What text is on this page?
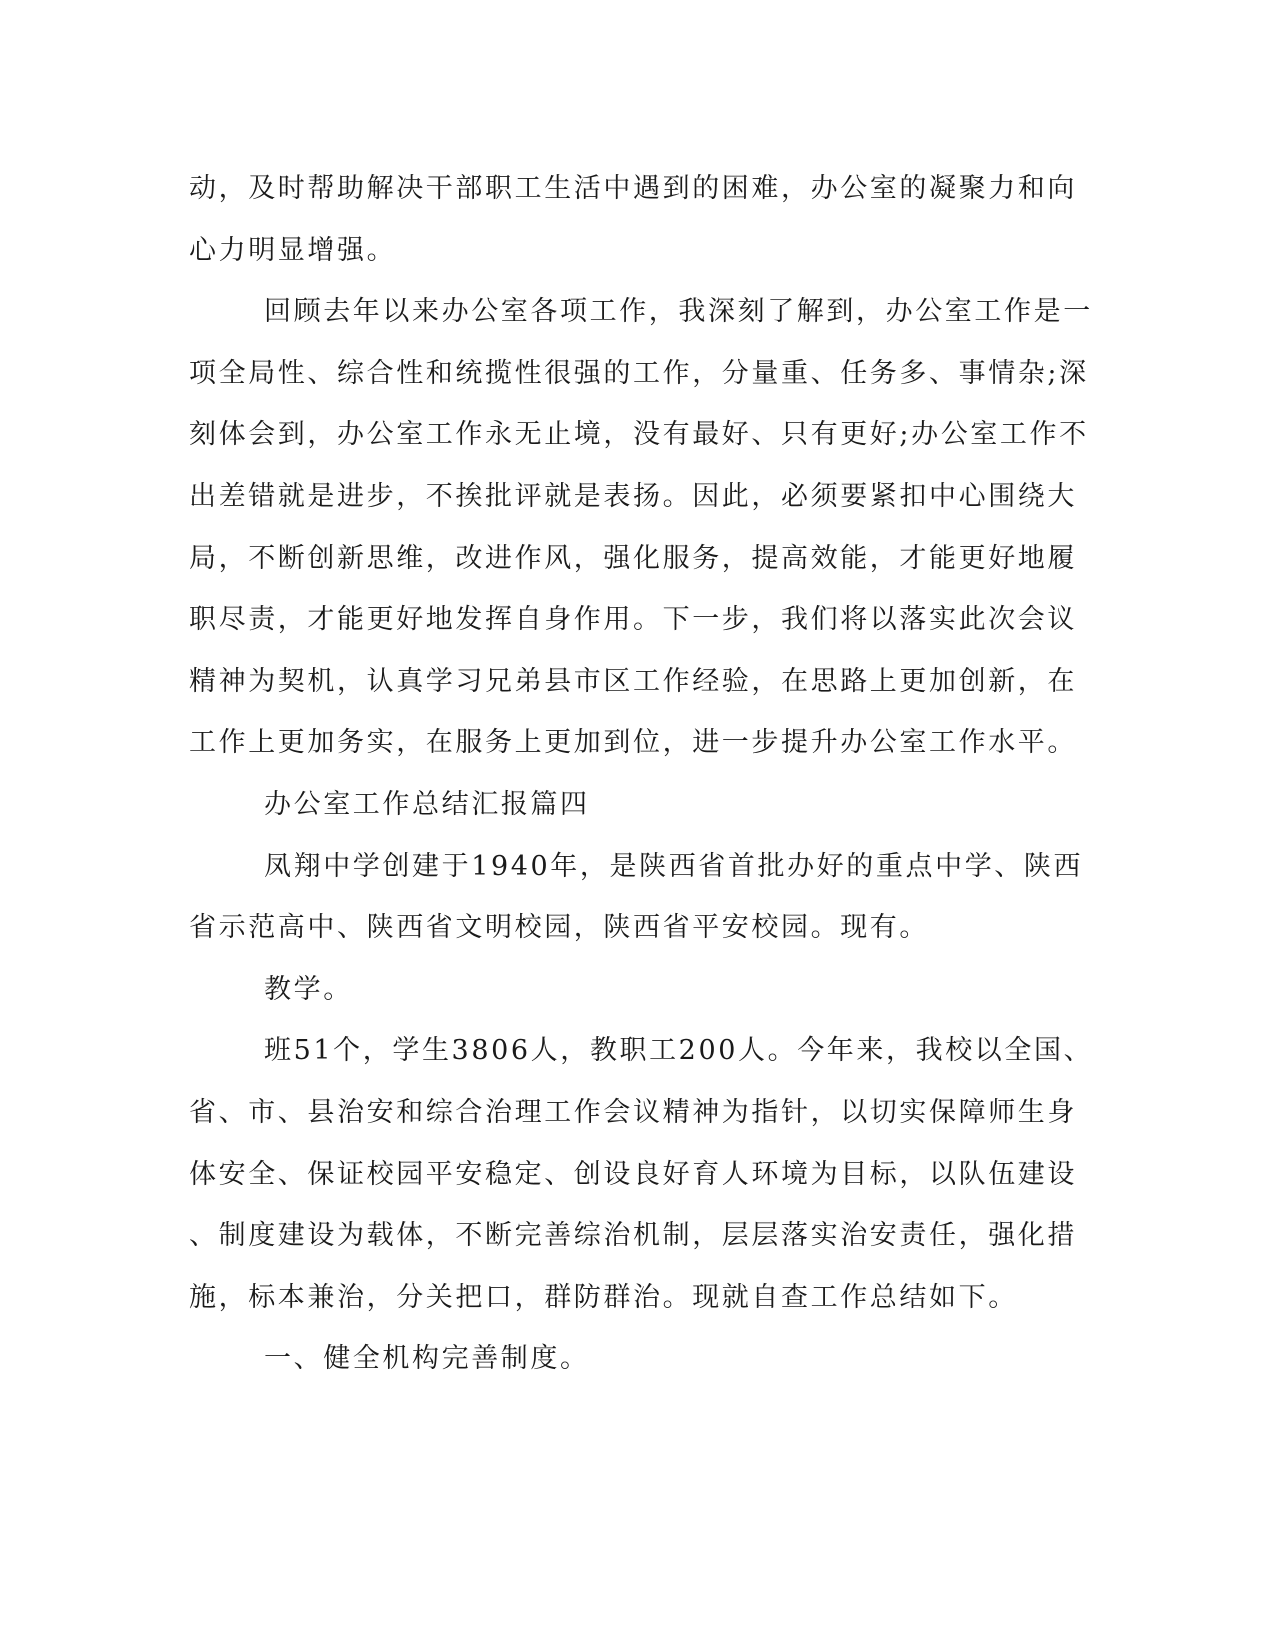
动，及时帮助解决干部职工生活中遇到的困难，办公室的凝聚力和向
心力明显增强。
回顾去年以来办公室各项工作，我深刻了解到，办公室工作是一
项全局性、综合性和统揽性很强的工作，分量重、任务多、事情杂;深
刻体会到，办公室工作永无止境，没有最好、只有更好;办公室工作不
出差错就是进步，不挨批评就是表扬。因此，必须要紧扣中心围绕大
局，不断创新思维，改进作风，强化服务，提高效能，才能更好地履
职尽责，才能更好地发挥自身作用。下一步，我们将以落实此次会议
精神为契机，认真学习兄弟县市区工作经验，在思路上更加创新，在
工作上更加务实，在服务上更加到位，进一步提升办公室工作水平。
办公室工作总结汇报篇四
凤翔中学创建于1940年，是陕西省首批办好的重点中学、陕西
省示范高中、陕西省文明校园，陕西省平安校园。现有。
教学。
班51个，学生3806人，教职工200人。今年来，我校以全国、
省、市、县治安和综合治理工作会议精神为指针，以切实保障师生身
体安全、保证校园平安稳定、创设良好育人环境为目标，以队伍建设
、制度建设为载体，不断完善综治机制，层层落实治安责任，强化措
施，标本兼治，分关把口，群防群治。现就自查工作总结如下。
一、健全机构完善制度。
